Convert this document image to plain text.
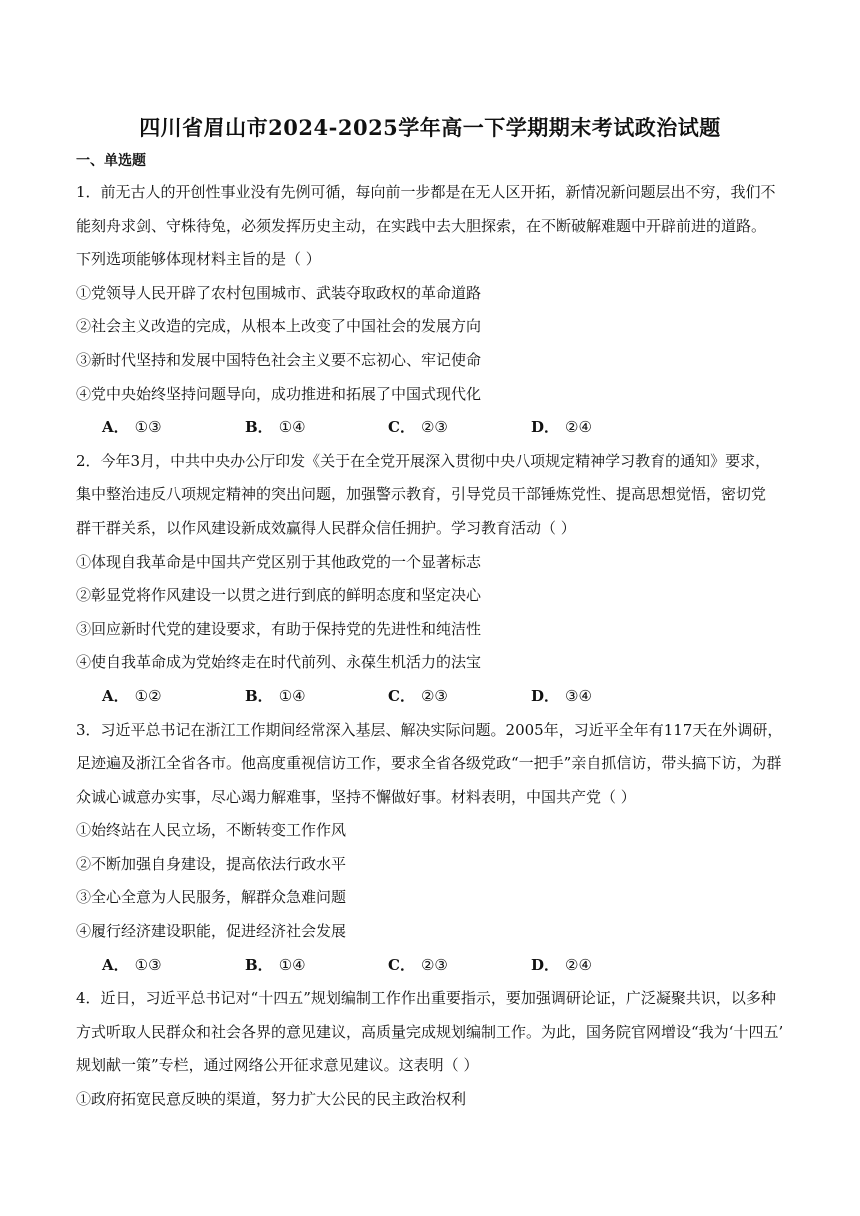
四川省眉山市2024-2025学年高一下学期期末考试政治试题
一、单选题
1．前无古人的开创性事业没有先例可循，每向前一步都是在无人区开拓，新情况新问题层出不穷，我们不
能刻舟求剑、守株待兔，必须发挥历史主动，在实践中去大胆探索，在不断破解难题中开辟前进的道路。
下列选项能够体现材料主旨的是（ ）
①党领导人民开辟了农村包围城市、武装夺取政权的革命道路
②社会主义改造的完成，从根本上改变了中国社会的发展方向
③新时代坚持和发展中国特色社会主义要不忘初心、牢记使命
④党中央始终坚持问题导向，成功推进和拓展了中国式现代化
A． ①③	B． ①④	C． ②③	D． ②④
2．今年3月，中共中央办公厅印发《关于在全党开展深入贯彻中央八项规定精神学习教育的通知》要求，
集中整治违反八项规定精神的突出问题，加强警示教育，引导党员干部锤炼党性、提高思想觉悟，密切党
群干群关系，以作风建设新成效赢得人民群众信任拥护。学习教育活动（ ）
①体现自我革命是中国共产党区别于其他政党的一个显著标志
②彰显党将作风建设一以贯之进行到底的鲜明态度和坚定决心
③回应新时代党的建设要求，有助于保持党的先进性和纯洁性
④使自我革命成为党始终走在时代前列、永葆生机活力的法宝
A． ①②	B． ①④	C． ②③	D． ③④
3．习近平总书记在浙江工作期间经常深入基层、解决实际问题。2005年，习近平全年有117天在外调研，
足迹遍及浙江全省各市。他高度重视信访工作，要求全省各级党政“一把手”亲自抓信访，带头搞下访，为群
众诚心诚意办实事，尽心竭力解难事，坚持不懈做好事。材料表明，中国共产党（ ）
①始终站在人民立场，不断转变工作作风
②不断加强自身建设，提高依法行政水平
③全心全意为人民服务，解群众急难问题
④履行经济建设职能，促进经济社会发展
A． ①③	B． ①④	C． ②③	D． ②④
4．近日，习近平总书记对“十四五”规划编制工作作出重要指示，要加强调研论证，广泛凝聚共识，以多种
方式听取人民群众和社会各界的意见建议，高质量完成规划编制工作。为此，国务院官网增设“我为‘十四五’
规划献一策”专栏，通过网络公开征求意见建议。这表明（ ）
①政府拓宽民意反映的渠道，努力扩大公民的民主政治权利
